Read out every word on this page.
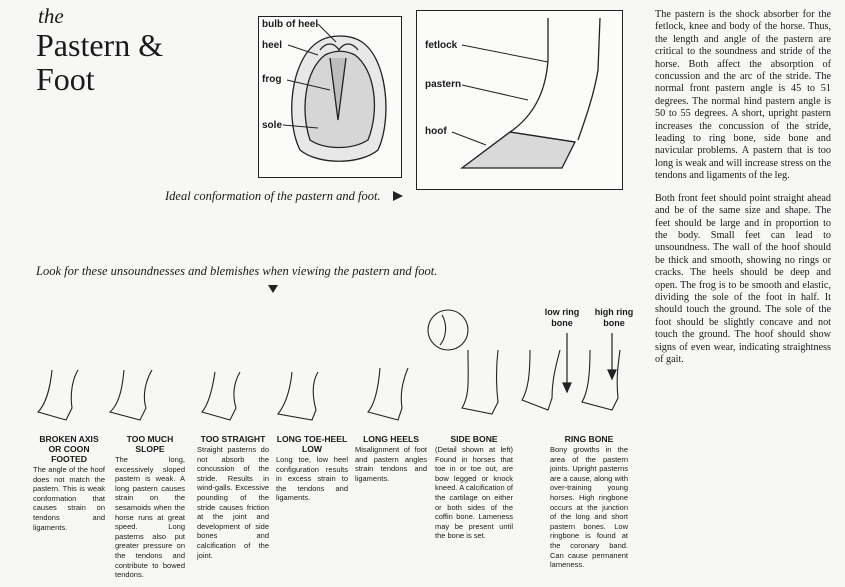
the
Pastern & Foot
bulb of heel
heel
frog
sole
fetlock
pastern
hoof
Ideal conformation of the pastern and foot.
Look for these unsoundnesses and blemishes when viewing the pastern and foot.
low ring bone
high ring bone

The pastern is the shock absorber for the fetlock, knee and body of the horse. Thus, the length and angle of the pastern are critical to the soundness and stride of the horse. Both affect the absorption of concussion and the arc of the stride. The normal front pastern angle is 45 to 51 degrees. The normal hind pastern angle is 50 to 55 degrees. A short, upright pastern increases the concussion of the stride, leading to ring bone, side bone and navicular problems. A pastern that is too long is weak and will increase stress on the tendons and ligaments of the leg.

Both front feet should point straight ahead and be of the same size and shape. The feet should be large and in proportion to the body. Small feet can lead to unsoundness. The wall of the hoof should be thick and smooth, showing no rings or cracks. The heels should be deep and open. The frog is to be smooth and elastic, dividing the sole of the foot in half. It should touch the ground. The sole of the foot should be slightly concave and not touch the ground. The hoof should show signs of even wear, indicating straightness of gait.

BROKEN AXIS OR COON FOOTED
The angle of the hoof does not match the pastern. This is weak conformation that causes strain on tendons and ligaments.
TOO MUCH SLOPE
The long, excessively sloped pastern is weak. A long pastern causes strain on the sesamoids when the horse runs at great speed. Long pasterns also put greater pressure on the tendons and contribute to bowed tendons.
TOO STRAIGHT
Straight pasterns do not absorb the concussion of the stride. Results in wind-galls. Excessive pounding of the stride causes friction at the joint and development of side bones and calcification of the joint.
LONG TOE-HEEL LOW
Long toe, low heel configuration results in excess strain to the tendons and ligaments.
LONG HEELS
Misalignment of foot and pastern angles strain tendons and ligaments.
SIDE BONE
(Detail shown at left) Found in horses that toe in or toe out, are bow legged or knock kneed. A calcification of the cartilage on either or both sides of the coffin bone. Lameness may be present until the bone is set.
RING BONE
Bony growths in the area of the pastern joints. Upright pasterns are a cause, along with over-training young horses. High ringbone occurs at the junction of the long and short pastern bones. Low ringbone is found at the coronary band. Can cause permanent lameness.
